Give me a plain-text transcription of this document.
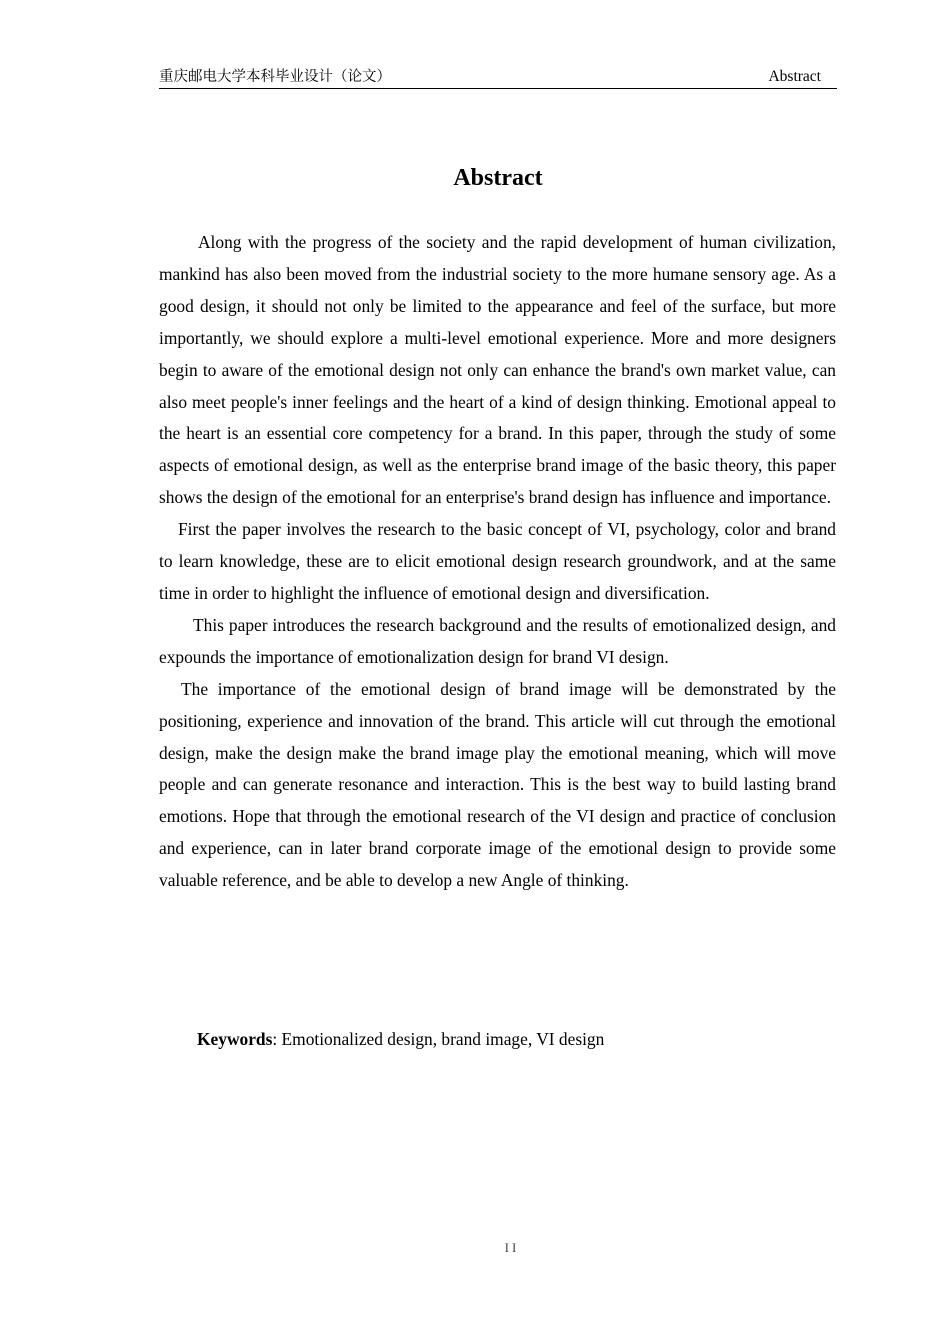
重庆邮电大学本科毕业设计（论文）	Abstract
Abstract

Along with the progress of the society and the rapid development of human civilization, mankind has also been moved from the industrial society to the more humane sensory age. As a good design, it should not only be limited to the appearance and feel of the surface, but more importantly, we should explore a multi-level emotional experience. More and more designers begin to aware of the emotional design not only can enhance the brand's own market value, can also meet people's inner feelings and the heart of a kind of design thinking. Emotional appeal to the heart is an essential core competency for a brand. In this paper, through the study of some aspects of emotional design, as well as the enterprise brand image of the basic theory, this paper shows the design of the emotional for an enterprise's brand design has influence and importance.

First the paper involves the research to the basic concept of VI, psychology, color and brand to learn knowledge, these are to elicit emotional design research groundwork, and at the same time in order to highlight the influence of emotional design and diversification.

This paper introduces the research background and the results of emotionalized design, and expounds the importance of emotionalization design for brand VI design.

The importance of the emotional design of brand image will be demonstrated by the positioning, experience and innovation of the brand. This article will cut through the emotional design, make the design make the brand image play the emotional meaning, which will move people and can generate resonance and interaction. This is the best way to build lasting brand emotions. Hope that through the emotional research of the VI design and practice of conclusion and experience, can in later brand corporate image of the emotional design to provide some valuable reference, and be able to develop a new Angle of thinking.

Keywords: Emotionalized design, brand image, VI design

II
